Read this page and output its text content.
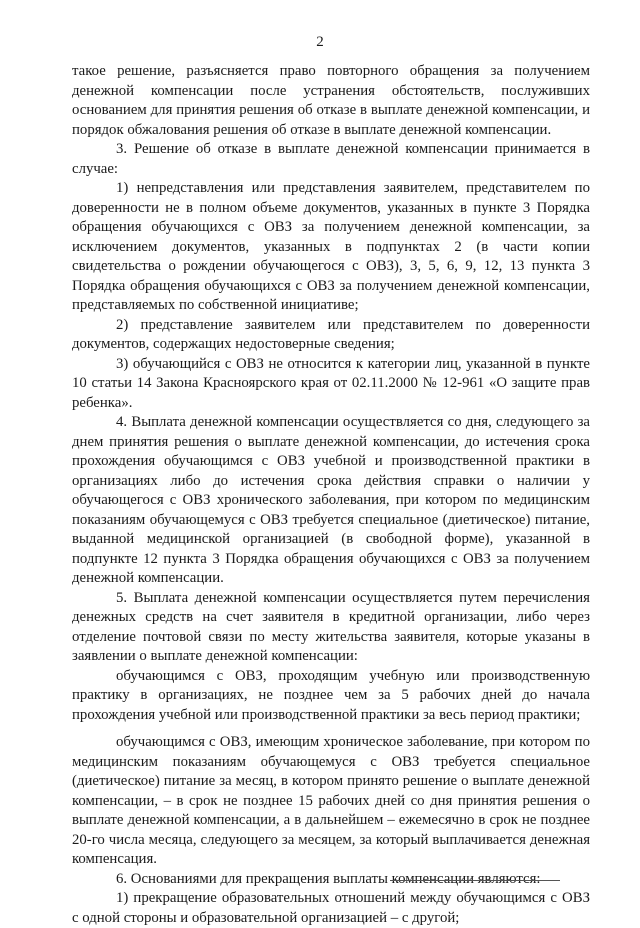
2

такое решение, разъясняется право повторного обращения за получением денежной компенсации после устранения обстоятельств, послуживших основанием для принятия решения об отказе в выплате денежной компенсации, и порядок обжалования решения об отказе в выплате денежной компенсации.

3. Решение об отказе в выплате денежной компенсации принимается в случае:

1) непредставления или представления заявителем, представителем по доверенности не в полном объеме документов, указанных в пункте 3 Порядка обращения обучающихся с ОВЗ за получением денежной компенсации, за исключением документов, указанных в подпунктах 2 (в части копии свидетельства о рождении обучающегося с ОВЗ), 3, 5, 6, 9, 12, 13 пункта 3 Порядка обращения обучающихся с ОВЗ за получением денежной компенсации, представляемых по собственной инициативе;

2) представление заявителем или представителем по доверенности документов, содержащих недостоверные сведения;

3) обучающийся с ОВЗ не относится к категории лиц, указанной в пункте 10 статьи 14 Закона Красноярского края от 02.11.2000 № 12-961 «О защите прав ребенка».

4. Выплата денежной компенсации осуществляется со дня, следующего за днем принятия решения о выплате денежной компенсации, до истечения срока прохождения обучающимся с ОВЗ учебной и производственной практики в организациях либо до истечения срока действия справки о наличии у обучающегося с ОВЗ хронического заболевания, при котором по медицинским показаниям обучающемуся с ОВЗ требуется специальное (диетическое) питание, выданной медицинской организацией (в свободной форме), указанной в подпункте 12 пункта 3 Порядка обращения обучающихся с ОВЗ за получением денежной компенсации.

5. Выплата денежной компенсации осуществляется путем перечисления денежных средств на счет заявителя в кредитной организации, либо через отделение почтовой связи по месту жительства заявителя, которые указаны в заявлении о выплате денежной компенсации:

обучающимся с ОВЗ, проходящим учебную или производственную практику в организациях, не позднее чем за 5 рабочих дней до начала прохождения учебной или производственной практики за весь период практики;

обучающимся с ОВЗ, имеющим хроническое заболевание, при котором по медицинским показаниям обучающемуся с ОВЗ требуется специальное (диетическое) питание за месяц, в котором принято решение о выплате денежной компенсации, – в срок не позднее 15 рабочих дней со дня принятия решения о выплате денежной компенсации, а в дальнейшем – ежемесячно в срок не позднее 20-го числа месяца, следующего за месяцем, за который выплачивается денежная компенсация.

6. Основаниями для прекращения выплаты компенсации являются:

1) прекращение образовательных отношений между обучающимся с ОВЗ с одной стороны и образовательной организацией – с другой;
